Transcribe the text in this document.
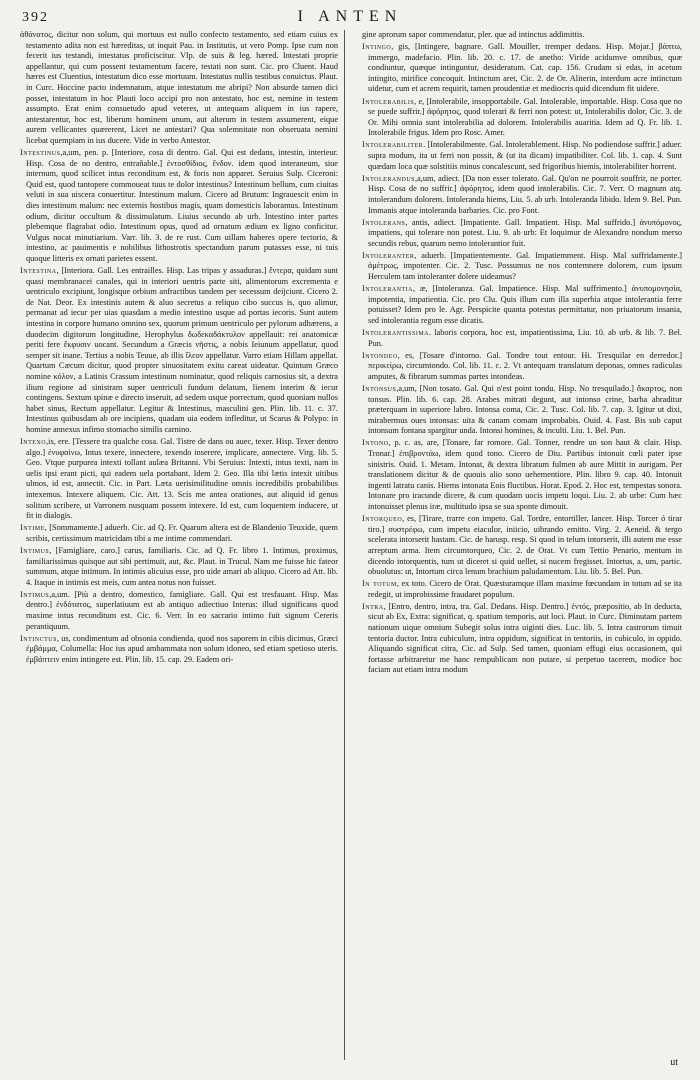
392	I ANTEN

ἀθάνατος, dicitur non solum, qui mortuus est nullo confecto testamento, sed etiam cuius ex testamento adita non est hæreditas, ut inquit Pau. in Institutis, ut vero Pomp. Ipse cum non fecerit ius testandi, intestatus proficiscitur. Vlp. de suis & leg. hæred. Intestati proprie appellantur, qui cum possent testamentum facere, testati non sunt. Cic. pro Cluent. Haud hæres est Cluentius, intestatum dico esse mortuum. Intestatus nullis testibus conuictus. Plaut. in Curc. Hoccine pacto indemnatum, atque intestatum me abripi? Non absurde tamen dici posset, intestatum in hoc Plauti loco accipi pro non antestato, hoc est, nemine in testem assumpto. Erat enim consuetudo apud veteres, ut antequam aliquem in ius rapere, antestarentur, hoc est, liberum hominem unum, aut alterum in testem assumerent, eique aurem vellicantes quærerent, Licet ne antestari? Qua solemnitate non obseruata nemini licebat quempiam in ius ducere. Vide in verbo Antestor.

Intestinus,a,um, pen. p. [Interiore, cosa di dentro. Gal. Qui est dedans, intestin, interieur. Hisp. Cosa de no dentro, entrañable.] ἐντοσθίδιος, ἔνδον. idem quod interaneum, siue internum, quod scilicet intus reconditum est, & foris non apparet. Seruius Sulp. Ciceroni: Quid est, quod tantopere commoueat tuus te dolor intestinus? Intestinum bellum, cum ciuitas veluti in sua uiscera conuertitur. Intestinum malum. Cicero ad Brutum: Ingrauescit enim in dies intestinum malum: nec externis hostibus magis, quam domesticis laboramus. Intestinum odium, dicitur occultum & dissimulatum. Liuius secundo ab urb. Intestino inter partes plebemque flagrabat odio. Intestinum opus, quod ad ornatum ædium ex ligno conficitur. Vulgus nocat minutiarium. Varr. lib. 3. de re rust. Cum uillam haberes opere tectorio, & intestino, ac pauimentis e nobilibus lithostrotis spectandum parum putasses esse, ni tuis quoque litteris ex ornati parietes essent.

Intestina, [Interiora. Gall. Les entrailles. Hisp. Las tripas y assaduras.] ἔντερα, quidam sunt quasi membranacei canales, qui in interiori uentris parte siti, alimentorum excrementa e uentriculo excipiunt, longisque orbium anfractibus tandem per secessum deijciunt. Cicero 2. de Nat. Deor. Ex intestinis autem & aluo secretus a reliquo cibo succus is, quo alimur, permanat ad iecur per uias quasdam a medio intestino usque ad portas iecoris. Sunt autem intestina in corpore humano omnino sex, quorum primum uentriculo per pylorum adhærens, a duodecim digitorum longitudine, Herophylus δωδεκαδάκτυλον appellauit: rei anatomicæ periti fere ἔκφυσιν uocant. Secundum a Græcis νῆστις, a nobis Ieiunum appellatur, quod semper sit inane. Tertius a nobis Teuue, ab illis ἴλεον appellatur. Varro etiam Hillam appellat. Quartum Cæcum dicitur, quod propter sinuositatem exitu careat uideatur. Quintum Græco nomine κόλον, a Latinis Crassum intestinum nominatur, quod reliquis carnosius sit, a dextra ilium regione ad sinistram super uentriculi fundum delatum, lienem interim & iecur contingens. Sextum spinæ e directo inseruit, ad sedem usque porrectum, quod quoniam nullos habet sinus, Rectum appellatur. Legitur & Intestinus, masculini gen. Plin. lib. 11. c. 37. Intestinus quibusdam ab ore incipiens, quadam uia eodem infleditur, ut Scarus & Polypo: in homine annexus infimo stomacho similis carnino.

Intexo,is, ere. [Tessere tra qualche cosa. Gal. Tistre de dans ou auec, texer. Hisp. Texer dentro algo.] ἐνυφαίνω, Intus texere, innectere, texendo inserere, implicare, annectere. Virg. lib. 5. Geo. Vtque purpurea intexti tollant aulæa Britanni. Vbi Seruius: Intexti, intus texti, nam in uelis ipsi erant picti, qui eadem uela portabant. Idem 2. Geo. Illa tibi lætis intexit uitibus ulmos, id est, annectit. Cic. in Part. Læta uerisimilitudine omnis incredibilis probabilibus intexemus. Intexere aliquem. Cic. Att. 13. Scis me antea orationes, aut aliquid id genus solitum scribere, ut Varronem nusquam possem intexere. Id est, cum loquentem inducere, ut fit in dialogis.

Intime, [Sommamente.] aduerb. Cic. ad Q. Fr. Quarum altera est de Blandenio Teuxide, quem scribis, certissimum matricidam tibi a me intime commendari.

Intimus, [Famigliare, caro.] carus, familiaris. Cic. ad Q. Fr. libro 1. Intimus, proximus, familiarissimus quisque aut sibi pertimuit, aut, &c. Plaut. in Trucul. Nam me fuisse hic fateor summum, atque intimum. In intimis alicuius esse, pro uide amari ab aliquo. Cicero ad Att. lib. 4. Itaque in intimis est meis, cum antea notus non fuisset.

Intimus,a,um. [Più a dentro, domestico, famigliare. Gall. Qui est tresfauant. Hisp. Mas dentro.] ἐνδότατος, superlatiuum est ab antiquo adiectiuo Interus: illud significans quod maxime intus reconditum est. Cic. 6. Verr. In eo sacrario intimo fuit signum Cereris perantiquum.

Intinctus, us, condimentum ad obsonia condienda, quod nos saporem in cibis dicimus, Græci ἐμβάμμα, Columella: Hoc ius apud ambammata non solum idoneo, sed etiam spetioso uteris. ἐμβάπτειν enim intingere est. Plin. lib. 15. cap. 29. Eadem ori-

gine aprorum sapor commendatur, pler. que ad intinctus addimittis.

Intingo, gis, [Intingere, bagnare. Gall. Mouiller, tremper dedans. Hisp. Mojar.] βάπτω, immergo, madefacio. Plin. lib. 20. c. 17. de anetho: Viride acidumve omnibus, quæ condiuntur, quæque intinguntur, desideratum. Cat. cap. 156. Crudam si edas, in acetum intingito, mirifice concoquit. Intinctum aret, Cic. 2. de Or. Aliterin, interdum acre intinctum uidetur, cum et acrem requirit, tamen proudentiæ et mediocris quid dicendum fit uidere.

Intolerabilis, e, [Intolerabile, insopportabile. Gal. Intolerable, importable. Hisp. Cosa que no se puede suffrir.] ἀφόρητος, quod tolerari & ferri non potest: ut, Intolerabilis dolor, Cic. 3. de Or. Mihi omnia sunt intolerabilia ad dolorem. Intolerabilis auaritia. Idem ad Q. Fr. lib. 1. Intolerabile frigus. Idem pro Rosc. Amer.

Intolerabiliter. [Intolerabilmente. Gal. Intolerablement. Hisp. No podiendose suffrir.] aduer. supra modum, ita ut ferri non possit, & (ut ita dicam) impatibiliter. Col. lib. 1. cap. 4. Sunt quædam loca quæ solstitiis minus concalescunt, sed frigoribus hiemis, intolerabiliter horrent.

Intolerandus,a,um, adiect. [Da non esser tolerato. Gal. Qu'on ne pourroit souffrir, ne porter. Hisp. Cosa de no suffrir.] ἀφόρητος, idem quod intolerabilis. Cic. 7. Verr. O magnum atq. intolerandum dolorem. Intoleranda hiems, Liu. 5. ab urb. Intoleranda libido. Idem 9. Bel. Pun. Immanis atque intoleranda barbaries. Cic. pro Font.

Intolerans, antis, adiect. [Impatiente. Gall. Impatient. Hisp. Mal suffrido.] ἀνυπόμονος, impatiens, qui tolerare non potest. Liu. 9. ab urb: Et loquimur de Alexandro nondum merso secundis rebus, quarum nemo intolerantior fuit.

Intoleranter, aduerb. [Impatientemente. Gal. Impatiemment. Hisp. Mal suffridamente.] ἀμέτρως, impotenter. Cic. 2. Tusc. Possumus ne nos contemnere dolorem, cum ipsum Herculem tam intoleranter dolere uideamus?

Intolerantia, æ, [Intoleranza. Gal. Impatience. Hisp. Mal suffrimento.] ἀνυπομονησία, impotentia, impatientia. Cic. pro Clu. Quis illum cum illa superbia atque intolerantia ferre potuisset? Idem pro le. Agr. Perspicite quanta potestas permittatur, non priuatorum insania, sed intolerantia regum esse dicatis.

Intolerantissima. laboris corpora, hoc est, impatientissima, Liu. 10. ab urb. & lib. 7. Bel. Pun.

Intondeo, es, [Tosare d'intorno. Gal. Tondre tout entour. Hi. Tresquilar en derredor.] περικείρω, circumtondo. Col. lib. 11. c. 2. Vt antequam translatum deponas, omnes radiculas amputes, & fibrarum summas partes intondeas.

Intonsus,a,um, [Non tosato. Gal. Qui n'est point tondu. Hisp. No tresquilado.] ἄκαρτος, non tonsus. Plin. lib. 6. cap. 28. Arabes mitrati degunt, aut intonso crine, barba abraditur præterquam in superiore labro. Intonsa coma, Cic. 2. Tusc. Col. lib. 7. cap. 3. Igitur ut dixi, mirabermus oues intonsas: uita & canam comam improbabis. Ouid. 4. Fast. Bis sub caput intonsum fontana spargitur unda. Intonsi homines, & inculti. Liu. 1. Bel. Pun.

Intono, p. c. as, are, [Tonare, far romore. Gal. Tonner, rendre un son haut & clair. Hisp. Tronar.] ἐπιβροντάω, idem quod tono. Cicero de Diu. Partibus intonuit cœli pater ipse sinistris. Ouid. 1. Metam. Intonat, & dextra libratum fulmen ab aure Mittit in aurigam. Per translationem dicitur & de quouis alio sono uehementiore. Plin. libro 9. cap. 40. Intonuit ingenti latratu canis. Hiems intonata Eois fluctibus. Horat. Epod. 2. Hoc est, tempestas sonora. Intonare pro iracunde dicere, & cum quodam uocis impetu loqui. Liu. 2. ab urbe: Cum hæc intonuisset plenus iræ, multitudo ipsa se sua sponte dimouit.

Intorqueo, es, [Tirare, trarre con impeto. Gal. Tordre, entortiller, lancer. Hisp. Torcer ó tirar tiro.] συστρέφω, cum impetu eiaculor, iniicio, uibrando emitto. Virg. 2. Aeneid. & tergo scelerata intorserit hastam. Cic. de harusp. resp. Si quod in telum intorserit, illi autem me esse arreptum arma. Item circumtorqueo, Cic. 2. de Orat. Vt cum Tettio Penario, mentum in dicendo intorquentis, tum ut diceret si quid uellet, si nucem fregisset. Intortus, a, um, partic. obuolutus: ut, Intortum circa lenum brachium paludamentum. Liu. lib. 5. Bel. Pun.

In totum, ex toto. Cicero de Orat. Quæsturamque illam maxime fœcundam in totum ad se ita redegit, ut improbissime fraudaret populum.

Intra, [Entro, dentro, intra, tra. Gal. Dedans. Hisp. Dentro.] ἐντός, præpositio, ab In deducta, sicut ab Ex, Extra: significat, q. spatium temporis, aut loci. Plaut. in Curc. Diminutam partem nationum uique omnium Subegit solus intra uiginti dies. Luc. lib. 5. Intra castrorum timuit tentoria ductor. Intra cubiculum, intra oppidum, significat in tentoriis, in cubiculo, in oppido. Aliquando significat citra, Cic. ad Sulp. Sed tamen, quoniam effugi eius occasionem, qui fortasse arbitraretur me hanc rempublicam non putare, si perpetuo tacerem, modice hoc faciam aut etiam intra modum

ut
